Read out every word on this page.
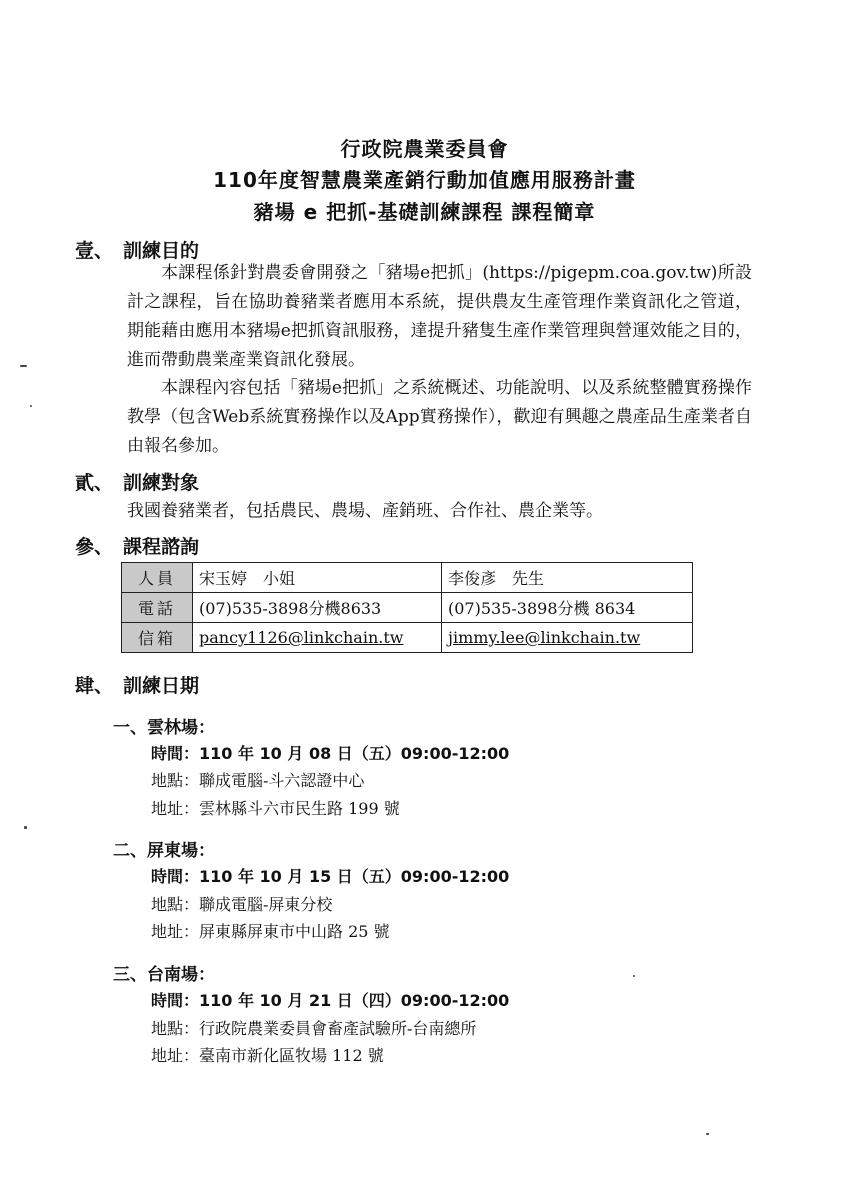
行政院農業委員會
110年度智慧農業產銷行動加值應用服務計畫
豬場 e 把抓-基礎訓練課程 課程簡章
壹、 訓練目的
本課程係針對農委會開發之「豬場e把抓」(https://pigepm.coa.gov.tw)所設計之課程，旨在協助養豬業者應用本系統，提供農友生產管理作業資訊化之管道，期能藉由應用本豬場e把抓資訊服務，達提升豬隻生產作業管理與營運效能之目的，進而帶動農業產業資訊化發展。
本課程內容包括「豬場e把抓」之系統概述、功能說明、以及系統整體實務操作教學（包含Web系統實務操作以及App實務操作），歡迎有興趣之農產品生產業者自由報名參加。
貳、 訓練對象
我國養豬業者，包括農民、農場、產銷班、合作社、農企業等。
參、 課程諮詢
人員	宋玉婷　小姐	李俊彥　先生
電話	(07)535-3898分機8633	(07)535-3898分機 8634
信箱	pancy1126@linkchain.tw	jimmy.lee@linkchain.tw
肆、 訓練日期
一、雲林場：
時間：110 年 10 月 08 日（五）09:00-12:00
地點：聯成電腦-斗六認證中心
地址：雲林縣斗六市民生路 199 號
二、屏東場：
時間：110 年 10 月 15 日（五）09:00-12:00
地點：聯成電腦-屏東分校
地址：屏東縣屏東市中山路 25 號
三、台南場：
時間：110 年 10 月 21 日（四）09:00-12:00
地點：行政院農業委員會畜產試驗所-台南總所
地址：臺南市新化區牧場 112 號
